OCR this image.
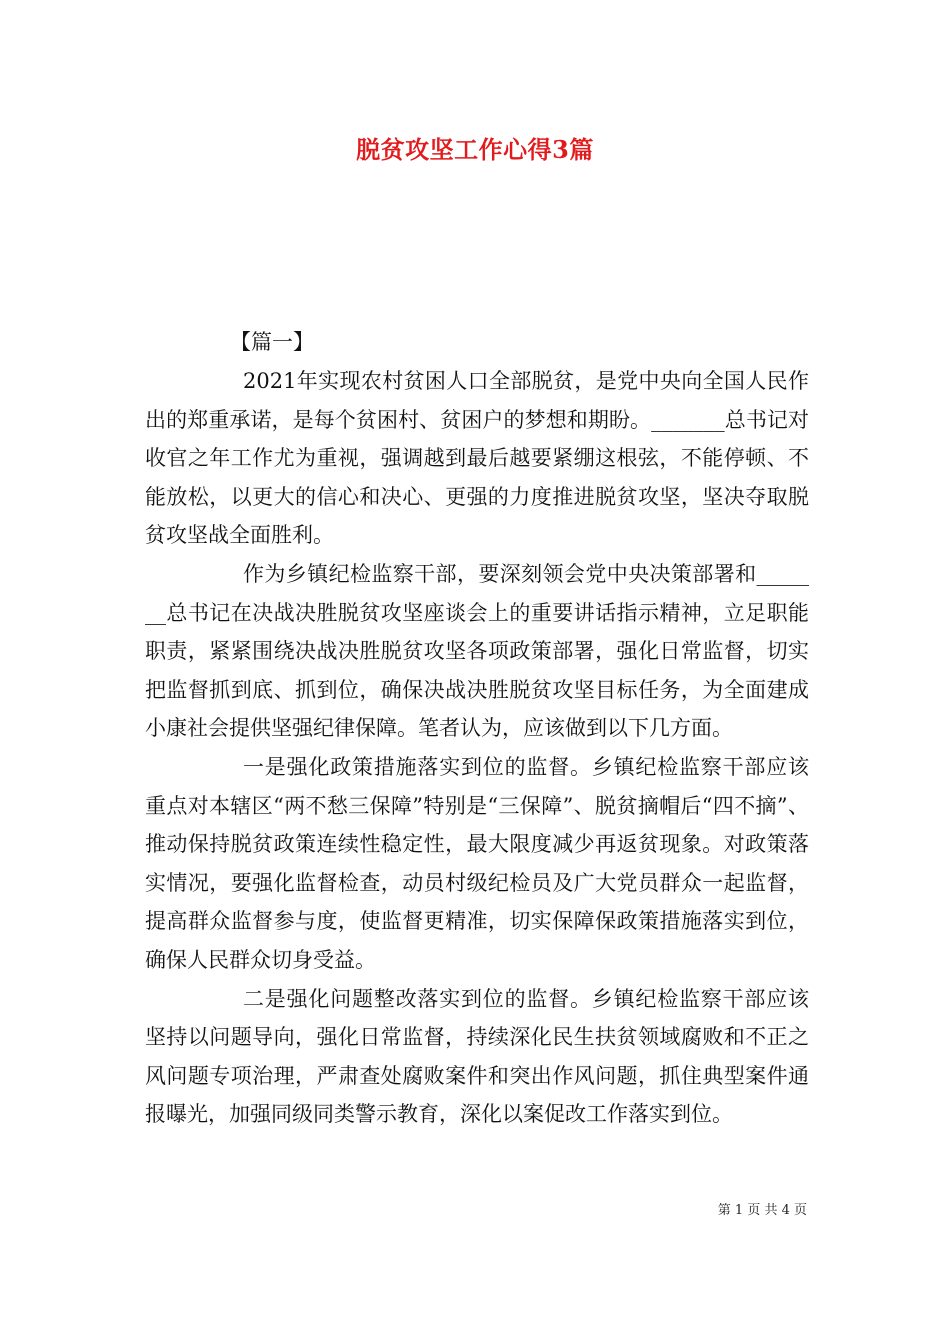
脱贫攻坚工作心得3篇
【篇一】

2021年实现农村贫困人口全部脱贫，是党中央向全国人民作出的郑重承诺，是每个贫困村、贫困户的梦想和期盼。_______总书记对收官之年工作尤为重视，强调越到最后越要紧绷这根弦，不能停顿、不能放松，以更大的信心和决心、更强的力度推进脱贫攻坚，坚决夺取脱贫攻坚战全面胜利。

作为乡镇纪检监察干部，要深刻领会党中央决策部署和_______总书记在决战决胜脱贫攻坚座谈会上的重要讲话指示精神，立足职能职责，紧紧围绕决战决胜脱贫攻坚各项政策部署，强化日常监督，切实把监督抓到底、抓到位，确保决战决胜脱贫攻坚目标任务，为全面建成小康社会提供坚强纪律保障。笔者认为，应该做到以下几方面。

一是强化政策措施落实到位的监督。乡镇纪检监察干部应该重点对本辖区“两不愁三保障”特别是“三保障”、脱贫摘帽后“四不摘”、推动保持脱贫政策连续性稳定性，最大限度减少再返贫现象。对政策落实情况，要强化监督检查，动员村级纪检员及广大党员群众一起监督，提高群众监督参与度，使监督更精准，切实保障保政策措施落实到位，确保人民群众切身受益。

二是强化问题整改落实到位的监督。乡镇纪检监察干部应该坚持以问题导向，强化日常监督，持续深化民生扶贫领域腐败和不正之风问题专项治理，严肃查处腐败案件和突出作风问题，抓住典型案件通报曝光，加强同级同类警示教育，深化以案促改工作落实到位。

第 1 页 共 4 页
